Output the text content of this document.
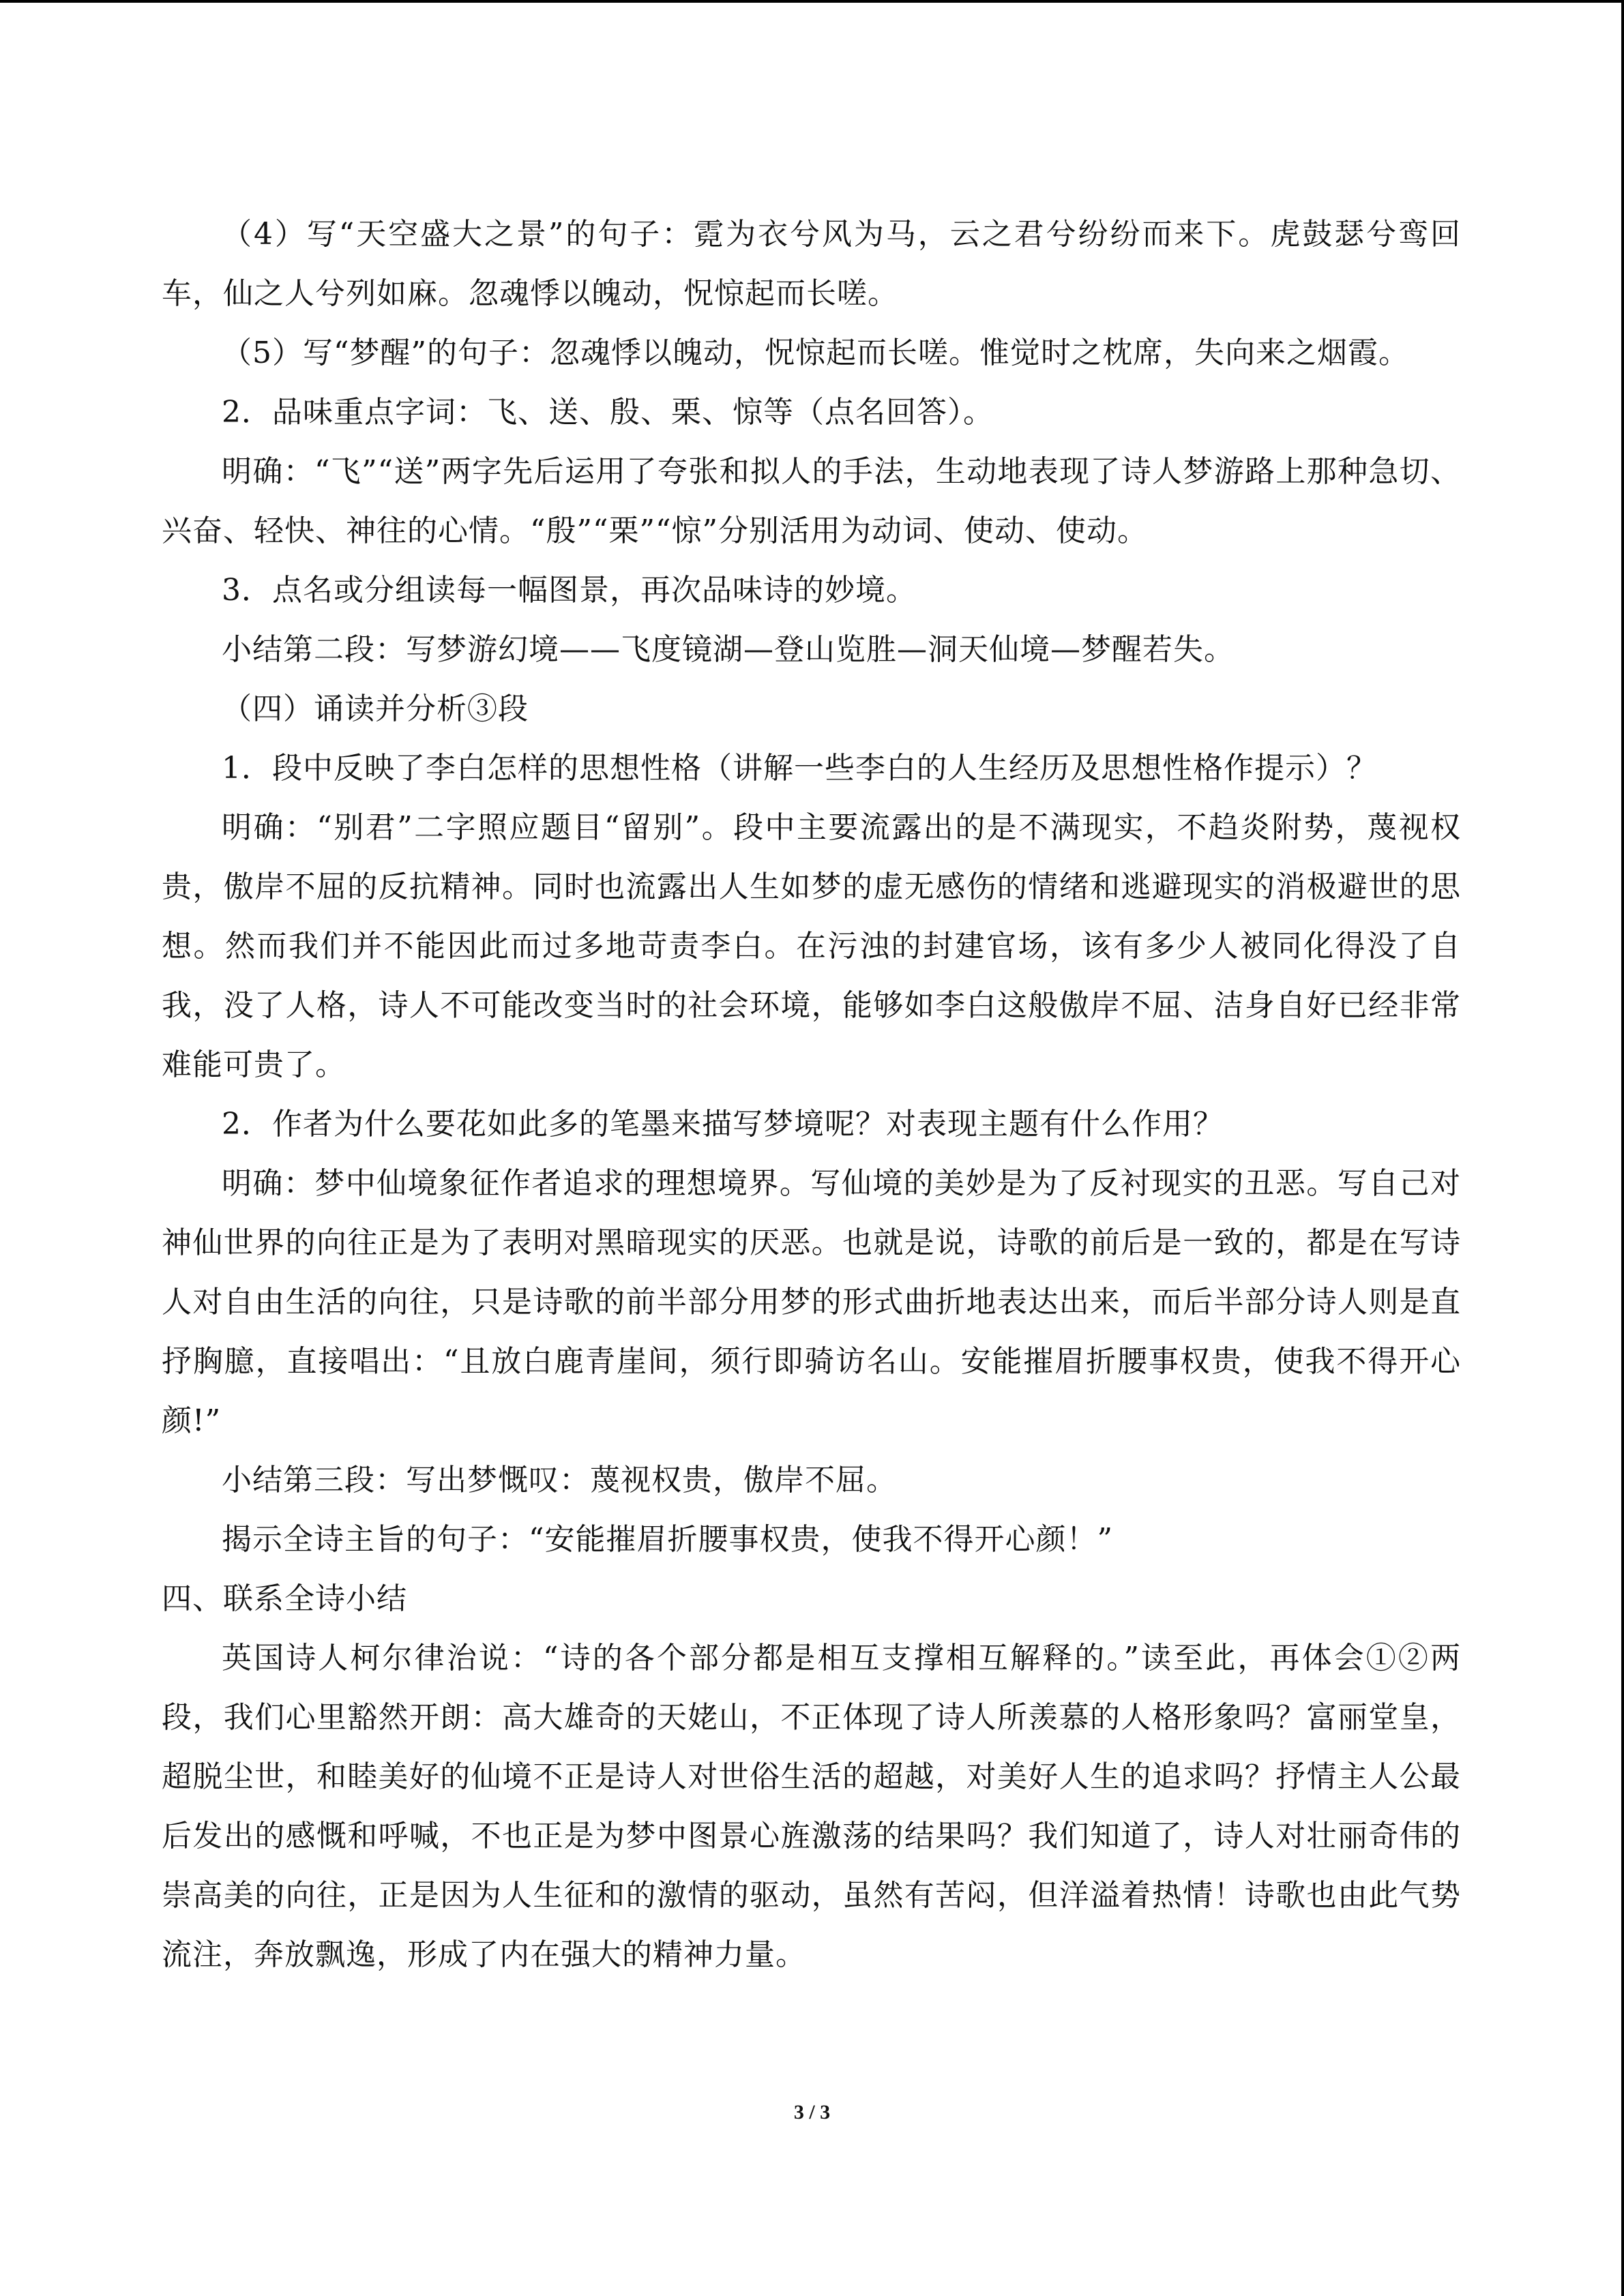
（4）写“天空盛大之景”的句子：霓为衣兮风为马，云之君兮纷纷而来下。虎鼓瑟兮鸾回车，仙之人兮列如麻。忽魂悸以魄动，怳惊起而长嗟。

（5）写“梦醒”的句子：忽魂悸以魄动，怳惊起而长嗟。惟觉时之枕席，失向来之烟霞。

2．品味重点字词：飞、送、殷、栗、惊等（点名回答）。

明确：“飞”“送”两字先后运用了夸张和拟人的手法，生动地表现了诗人梦游路上那种急切、兴奋、轻快、神往的心情。“殷”“栗”“惊”分别活用为动词、使动、使动。

3．点名或分组读每一幅图景，再次品味诗的妙境。

小结第二段：写梦游幻境——飞度镜湖—登山览胜—洞天仙境—梦醒若失。

（四）诵读并分析③段

1．段中反映了李白怎样的思想性格（讲解一些李白的人生经历及思想性格作提示）？

明确：“别君”二字照应题目“留别”。段中主要流露出的是不满现实，不趋炎附势，蔑视权贵，傲岸不屈的反抗精神。同时也流露出人生如梦的虚无感伤的情绪和逃避现实的消极避世的思想。然而我们并不能因此而过多地苛责李白。在污浊的封建官场，该有多少人被同化得没了自我，没了人格，诗人不可能改变当时的社会环境，能够如李白这般傲岸不屈、洁身自好已经非常难能可贵了。

2．作者为什么要花如此多的笔墨来描写梦境呢？对表现主题有什么作用？

明确：梦中仙境象征作者追求的理想境界。写仙境的美妙是为了反衬现实的丑恶。写自己对神仙世界的向往正是为了表明对黑暗现实的厌恶。也就是说，诗歌的前后是一致的，都是在写诗人对自由生活的向往，只是诗歌的前半部分用梦的形式曲折地表达出来，而后半部分诗人则是直抒胸臆，直接唱出：“且放白鹿青崖间，须行即骑访名山。安能摧眉折腰事权贵，使我不得开心颜!”

小结第三段：写出梦慨叹：蔑视权贵，傲岸不屈。

揭示全诗主旨的句子：“安能摧眉折腰事权贵，使我不得开心颜！”

四、联系全诗小结

英国诗人柯尔律治说：“诗的各个部分都是相互支撑相互解释的。”读至此，再体会①②两段，我们心里豁然开朗：高大雄奇的天姥山，不正体现了诗人所羡慕的人格形象吗？富丽堂皇，超脱尘世，和睦美好的仙境不正是诗人对世俗生活的超越，对美好人生的追求吗？抒情主人公最后发出的感慨和呼喊，不也正是为梦中图景心旌激荡的结果吗？我们知道了，诗人对壮丽奇伟的崇高美的向往，正是因为人生征和的激情的驱动，虽然有苦闷，但洋溢着热情！诗歌也由此气势流注，奔放飘逸，形成了内在强大的精神力量。

3 / 3
